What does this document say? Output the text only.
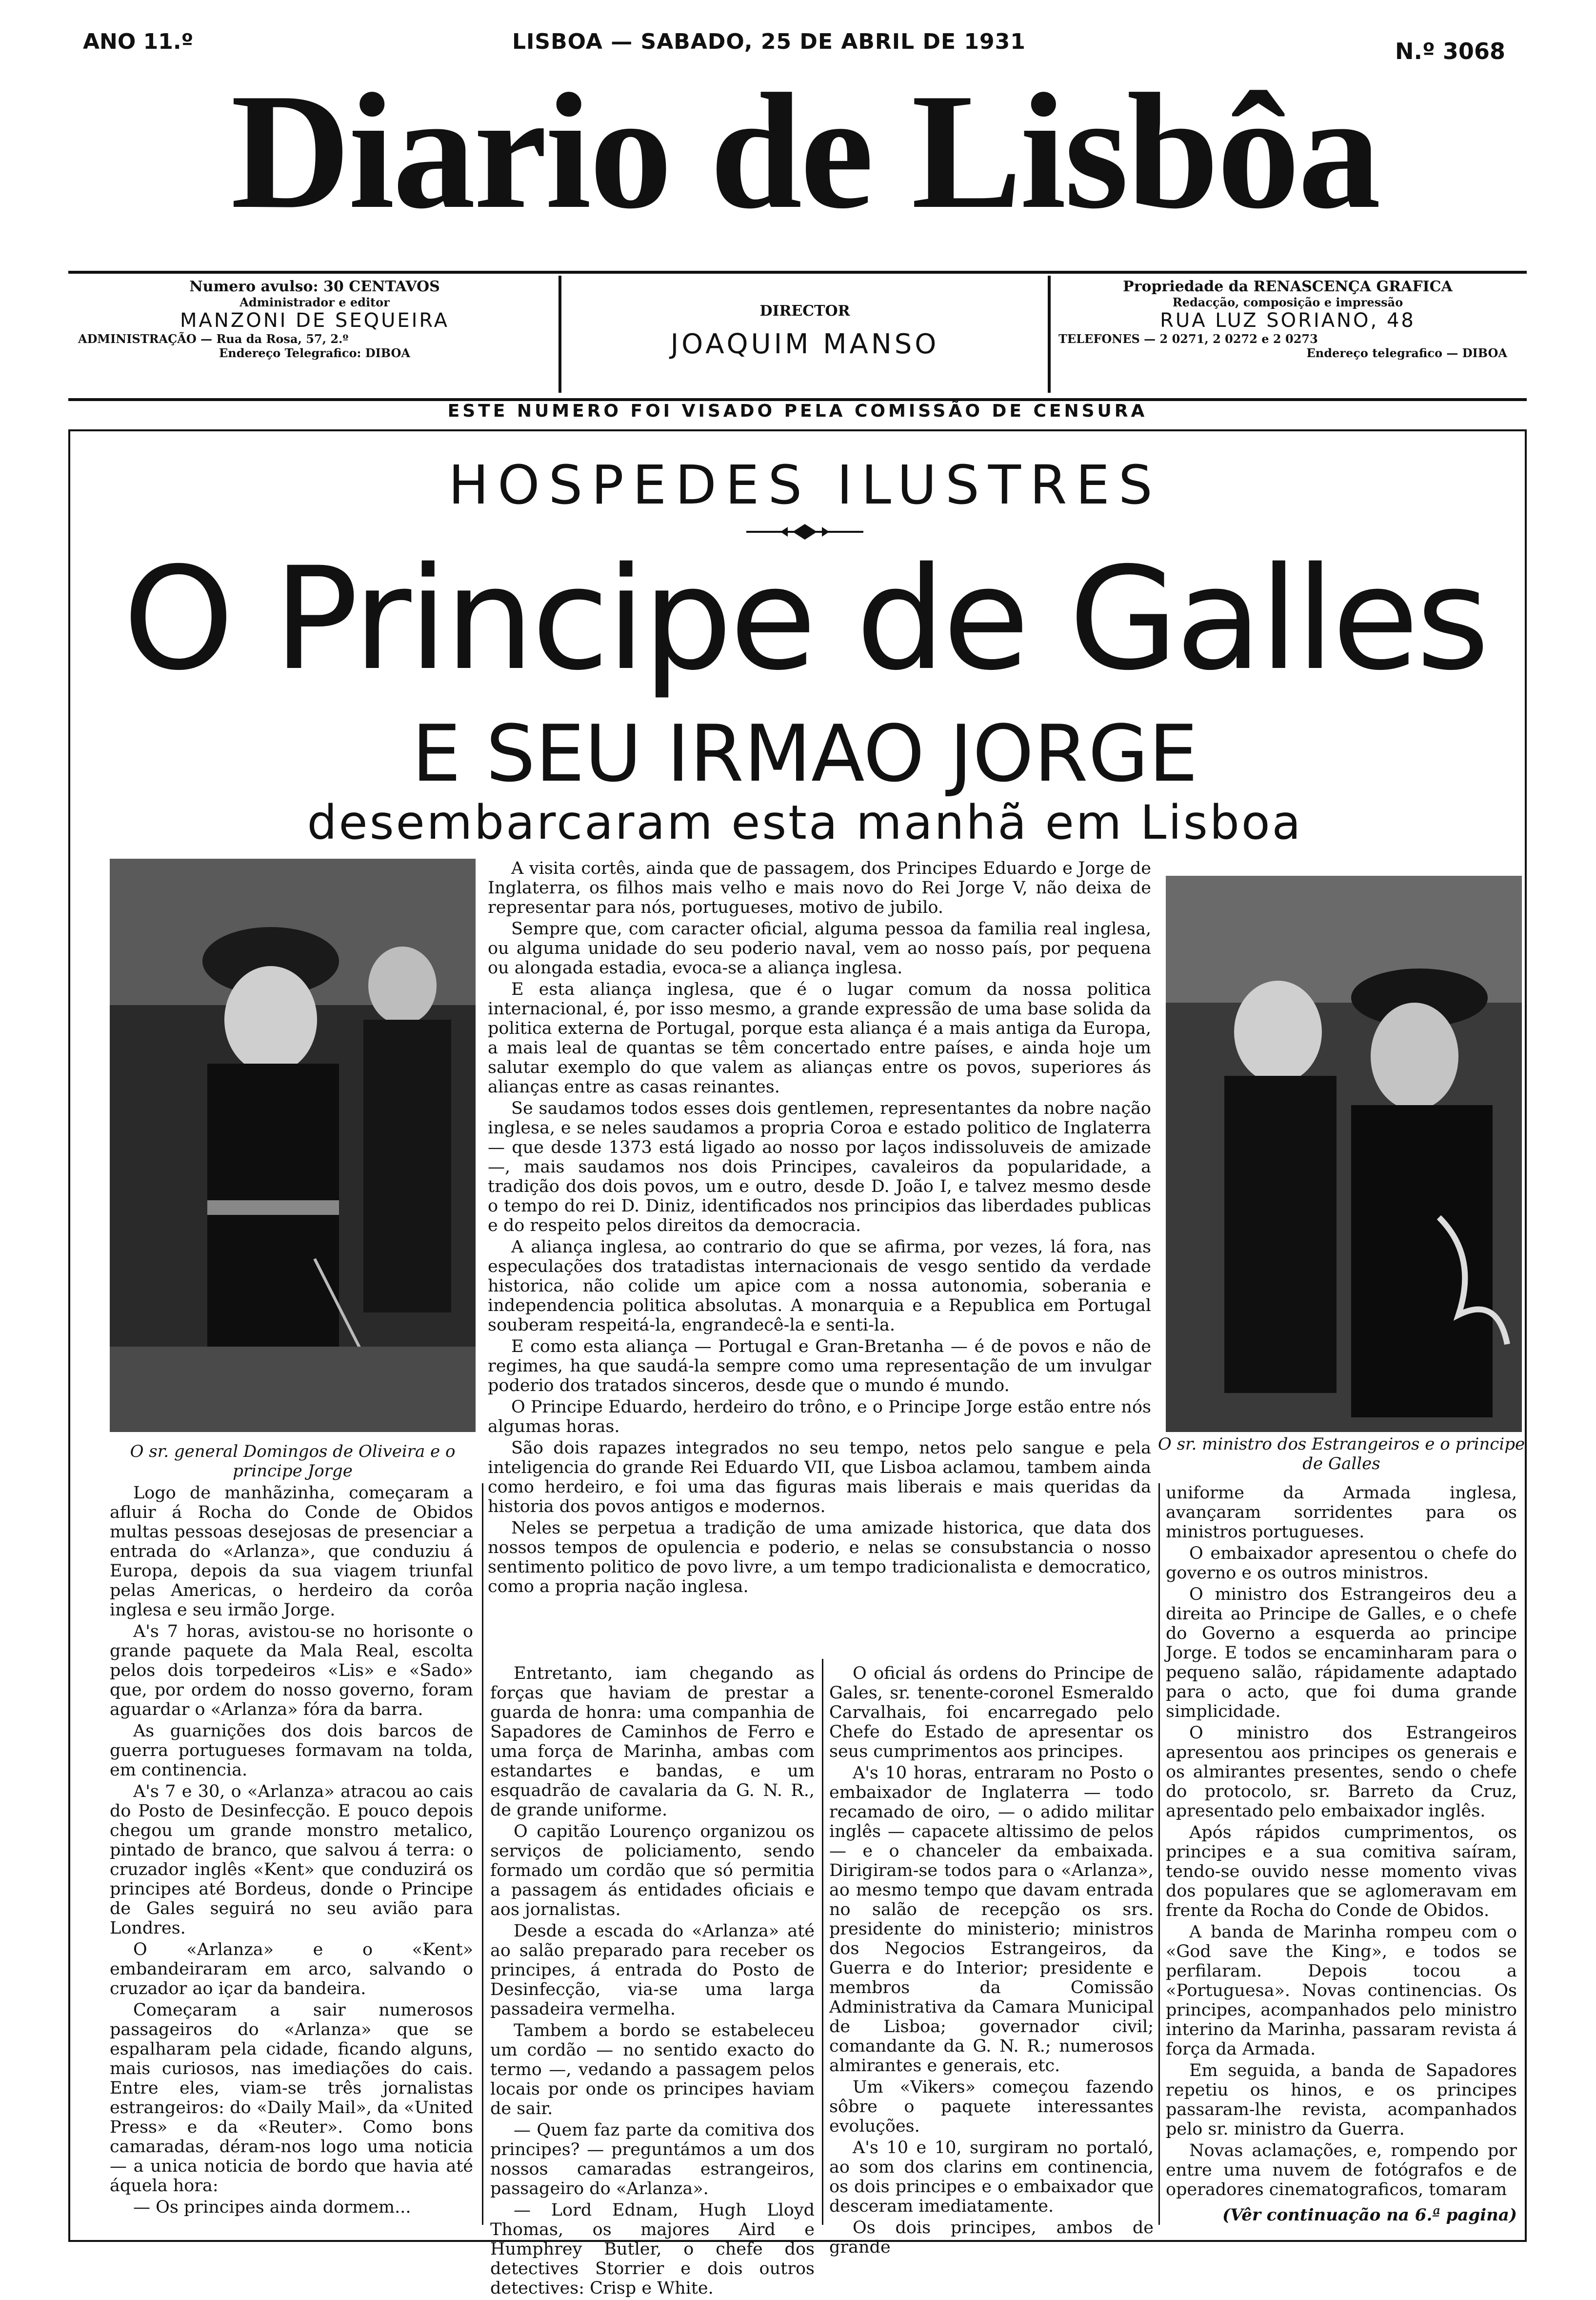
ANO 11.º	LISBOA — SABADO, 25 DE ABRIL DE 1931	N.º 3068
Diario de Lisbôa
Numero avulso: 30 CENTAVOS
Administrador e editor
MANZONI DE SEQUEIRA
ADMINISTRAÇÃO — Rua da Rosa, 57, 2.º
Endereço Telegrafico: DIBOA
DIRECTOR
JOAQUIM MANSO
Propriedade da RENASCENÇA GRAFICA
Redacção, composição e impressão
RUA LUZ SORIANO, 48
TELEFONES — 2 0271, 2 0272 e 2 0273
Endereço telegrafico — DIBOA
ESTE NUMERO FOI VISADO PELA COMISSÃO DE CENSURA
HOSPEDES ILUSTRES
O Principe de Galles
E SEU IRMAO JORGE
desembarcaram esta manhã em Lisboa
O sr. general Domingos de Oliveira e o principe Jorge
O sr. ministro dos Estrangeiros e o principe de Galles

A visita cortês, ainda que de passagem, dos Principes Eduardo e Jorge de Inglaterra, os filhos mais velho e mais novo do Rei Jorge V, não deixa de representar para nós, portugueses, motivo de jubilo.

Sempre que, com caracter oficial, alguma pessoa da familia real inglesa, ou alguma unidade do seu poderio naval, vem ao nosso país, por pequena ou alongada estadia, evoca-se a aliança inglesa.

E esta aliança inglesa, que é o lugar comum da nossa politica internacional, é, por isso mesmo, a grande expressão de uma base solida da politica externa de Portugal, porque esta aliança é a mais antiga da Europa, a mais leal de quantas se têm concertado entre países, e ainda hoje um salutar exemplo do que valem as alianças entre os povos, superiores ás alianças entre as casas reinantes.

Se saudamos todos esses dois gentlemen, representantes da nobre nação inglesa, e se neles saudamos a propria Coroa e estado politico de Inglaterra — que desde 1373 está ligado ao nosso por laços indissoluveis de amizade —, mais saudamos nos dois Principes, cavaleiros da popularidade, a tradição dos dois povos, um e outro, desde D. João I, e talvez mesmo desde o tempo do rei D. Diniz, identificados nos principios das liberdades publicas e do respeito pelos direitos da democracia.

A aliança inglesa, ao contrario do que se afirma, por vezes, lá fora, nas especulações dos tratadistas internacionais de vesgo sentido da verdade historica, não colide um apice com a nossa autonomia, soberania e independencia politica absolutas. A monarquia e a Republica em Portugal souberam respeitá-la, engrandecê-la e senti-la.

E como esta aliança — Portugal e Gran-Bretanha — é de povos e não de regimes, ha que saudá-la sempre como uma representação de um invulgar poderio dos tratados sinceros, desde que o mundo é mundo.

O Principe Eduardo, herdeiro do trôno, e o Principe Jorge estão entre nós algumas horas.

São dois rapazes integrados no seu tempo, netos pelo sangue e pela inteligencia do grande Rei Eduardo VII, que Lisboa aclamou, tambem ainda como herdeiro, e foi uma das figuras mais liberais e mais queridas da historia dos povos antigos e modernos.

Neles se perpetua a tradição de uma amizade historica, que data dos nossos tempos de opulencia e poderio, e nelas se consubstancia o nosso sentimento politico de povo livre, a um tempo tradicionalista e democratico, como a propria nação inglesa.

Logo de manhãzinha, começaram a afluir á Rocha do Conde de Obidos multas pessoas desejosas de presenciar a entrada do «Arlanza», que conduziu á Europa, depois da sua viagem triunfal pelas Americas, o herdeiro da corôa inglesa e seu irmão Jorge.

A's 7 horas, avistou-se no horisonte o grande paquete da Mala Real, escolta pelos dois torpedeiros «Lis» e «Sado» que, por ordem do nosso governo, foram aguardar o «Arlanza» fóra da barra.

As guarnições dos dois barcos de guerra portugueses formavam na tolda, em continencia.

A's 7 e 30, o «Arlanza» atracou ao cais do Posto de Desinfecção. E pouco depois chegou um grande monstro metalico, pintado de branco, que salvou á terra: o cruzador inglês «Kent» que conduzirá os principes até Bordeus, donde o Principe de Gales seguirá no seu avião para Londres.

O «Arlanza» e o «Kent» embandeiraram em arco, salvando o cruzador ao içar da bandeira.

Começaram a sair numerosos passageiros do «Arlanza» que se espalharam pela cidade, ficando alguns, mais curiosos, nas imediações do cais. Entre eles, viam-se três jornalistas estrangeiros: do «Daily Mail», da «United Press» e da «Reuter». Como bons camaradas, déram-nos logo uma noticia — a unica noticia de bordo que havia até áquela hora:

— Os principes ainda dormem...

Entretanto, iam chegando as forças que haviam de prestar a guarda de honra: uma companhia de Sapadores de Caminhos de Ferro e uma força de Marinha, ambas com estandartes e bandas, e um esquadrão de cavalaria da G. N. R., de grande uniforme.

O capitão Lourenço organizou os serviços de policiamento, sendo formado um cordão que só permitia a passagem ás entidades oficiais e aos jornalistas.

Desde a escada do «Arlanza» até ao salão preparado para receber os principes, á entrada do Posto de Desinfecção, via-se uma larga passadeira vermelha.

Tambem a bordo se estabeleceu um cordão — no sentido exacto do termo —, vedando a passagem pelos locais por onde os principes haviam de sair.

— Quem faz parte da comitiva dos principes? — preguntámos a um dos nossos camaradas estrangeiros, passageiro do «Arlanza».

— Lord Ednam, Hugh Lloyd Thomas, os majores Aird e Humphrey Butler, o chefe dos detectives Storrier e dois outros detectives: Crisp e White.

O oficial ás ordens do Principe de Gales, sr. tenente-coronel Esmeraldo Carvalhais, foi encarregado pelo Chefe do Estado de apresentar os seus cumprimentos aos principes.

A's 10 horas, entraram no Posto o embaixador de Inglaterra — todo recamado de oiro, — o adido militar inglês — capacete altissimo de pelos — e o chanceler da embaixada. Dirigiram-se todos para o «Arlanza», ao mesmo tempo que davam entrada no salão de recepção os srs. presidente do ministerio; ministros dos Negocios Estrangeiros, da Guerra e do Interior; presidente e membros da Comissão Administrativa da Camara Municipal de Lisboa; governador civil; comandante da G. N. R.; numerosos almirantes e generais, etc.

Um «Vikers» começou fazendo sôbre o paquete interessantes evoluções.

A's 10 e 10, surgiram no portaló, ao som dos clarins em continencia, os dois principes e o embaixador que desceram imediatamente.

Os dois principes, ambos de grande

uniforme da Armada inglesa, avançaram sorridentes para os ministros portugueses.

O embaixador apresentou o chefe do governo e os outros ministros.

O ministro dos Estrangeiros deu a direita ao Principe de Galles, e o chefe do Governo a esquerda ao principe Jorge. E todos se encaminharam para o pequeno salão, rápidamente adaptado para o acto, que foi duma grande simplicidade.

O ministro dos Estrangeiros apresentou aos principes os generais e os almirantes presentes, sendo o chefe do protocolo, sr. Barreto da Cruz, apresentado pelo embaixador inglês.

Após rápidos cumprimentos, os principes e a sua comitiva saíram, tendo-se ouvido nesse momento vivas dos populares que se aglomeravam em frente da Rocha do Conde de Obidos.

A banda de Marinha rompeu com o «God save the King», e todos se perfilaram. Depois tocou a «Portuguesa». Novas continencias. Os principes, acompanhados pelo ministro interino da Marinha, passaram revista á força da Armada.

Em seguida, a banda de Sapadores repetiu os hinos, e os principes passaram-lhe revista, acompanhados pelo sr. ministro da Guerra.

Novas aclamações, e, rompendo por entre uma nuvem de fotógrafos e de operadores cinematograficos, tomaram

(Vêr continuação na 6.ª pagina)
